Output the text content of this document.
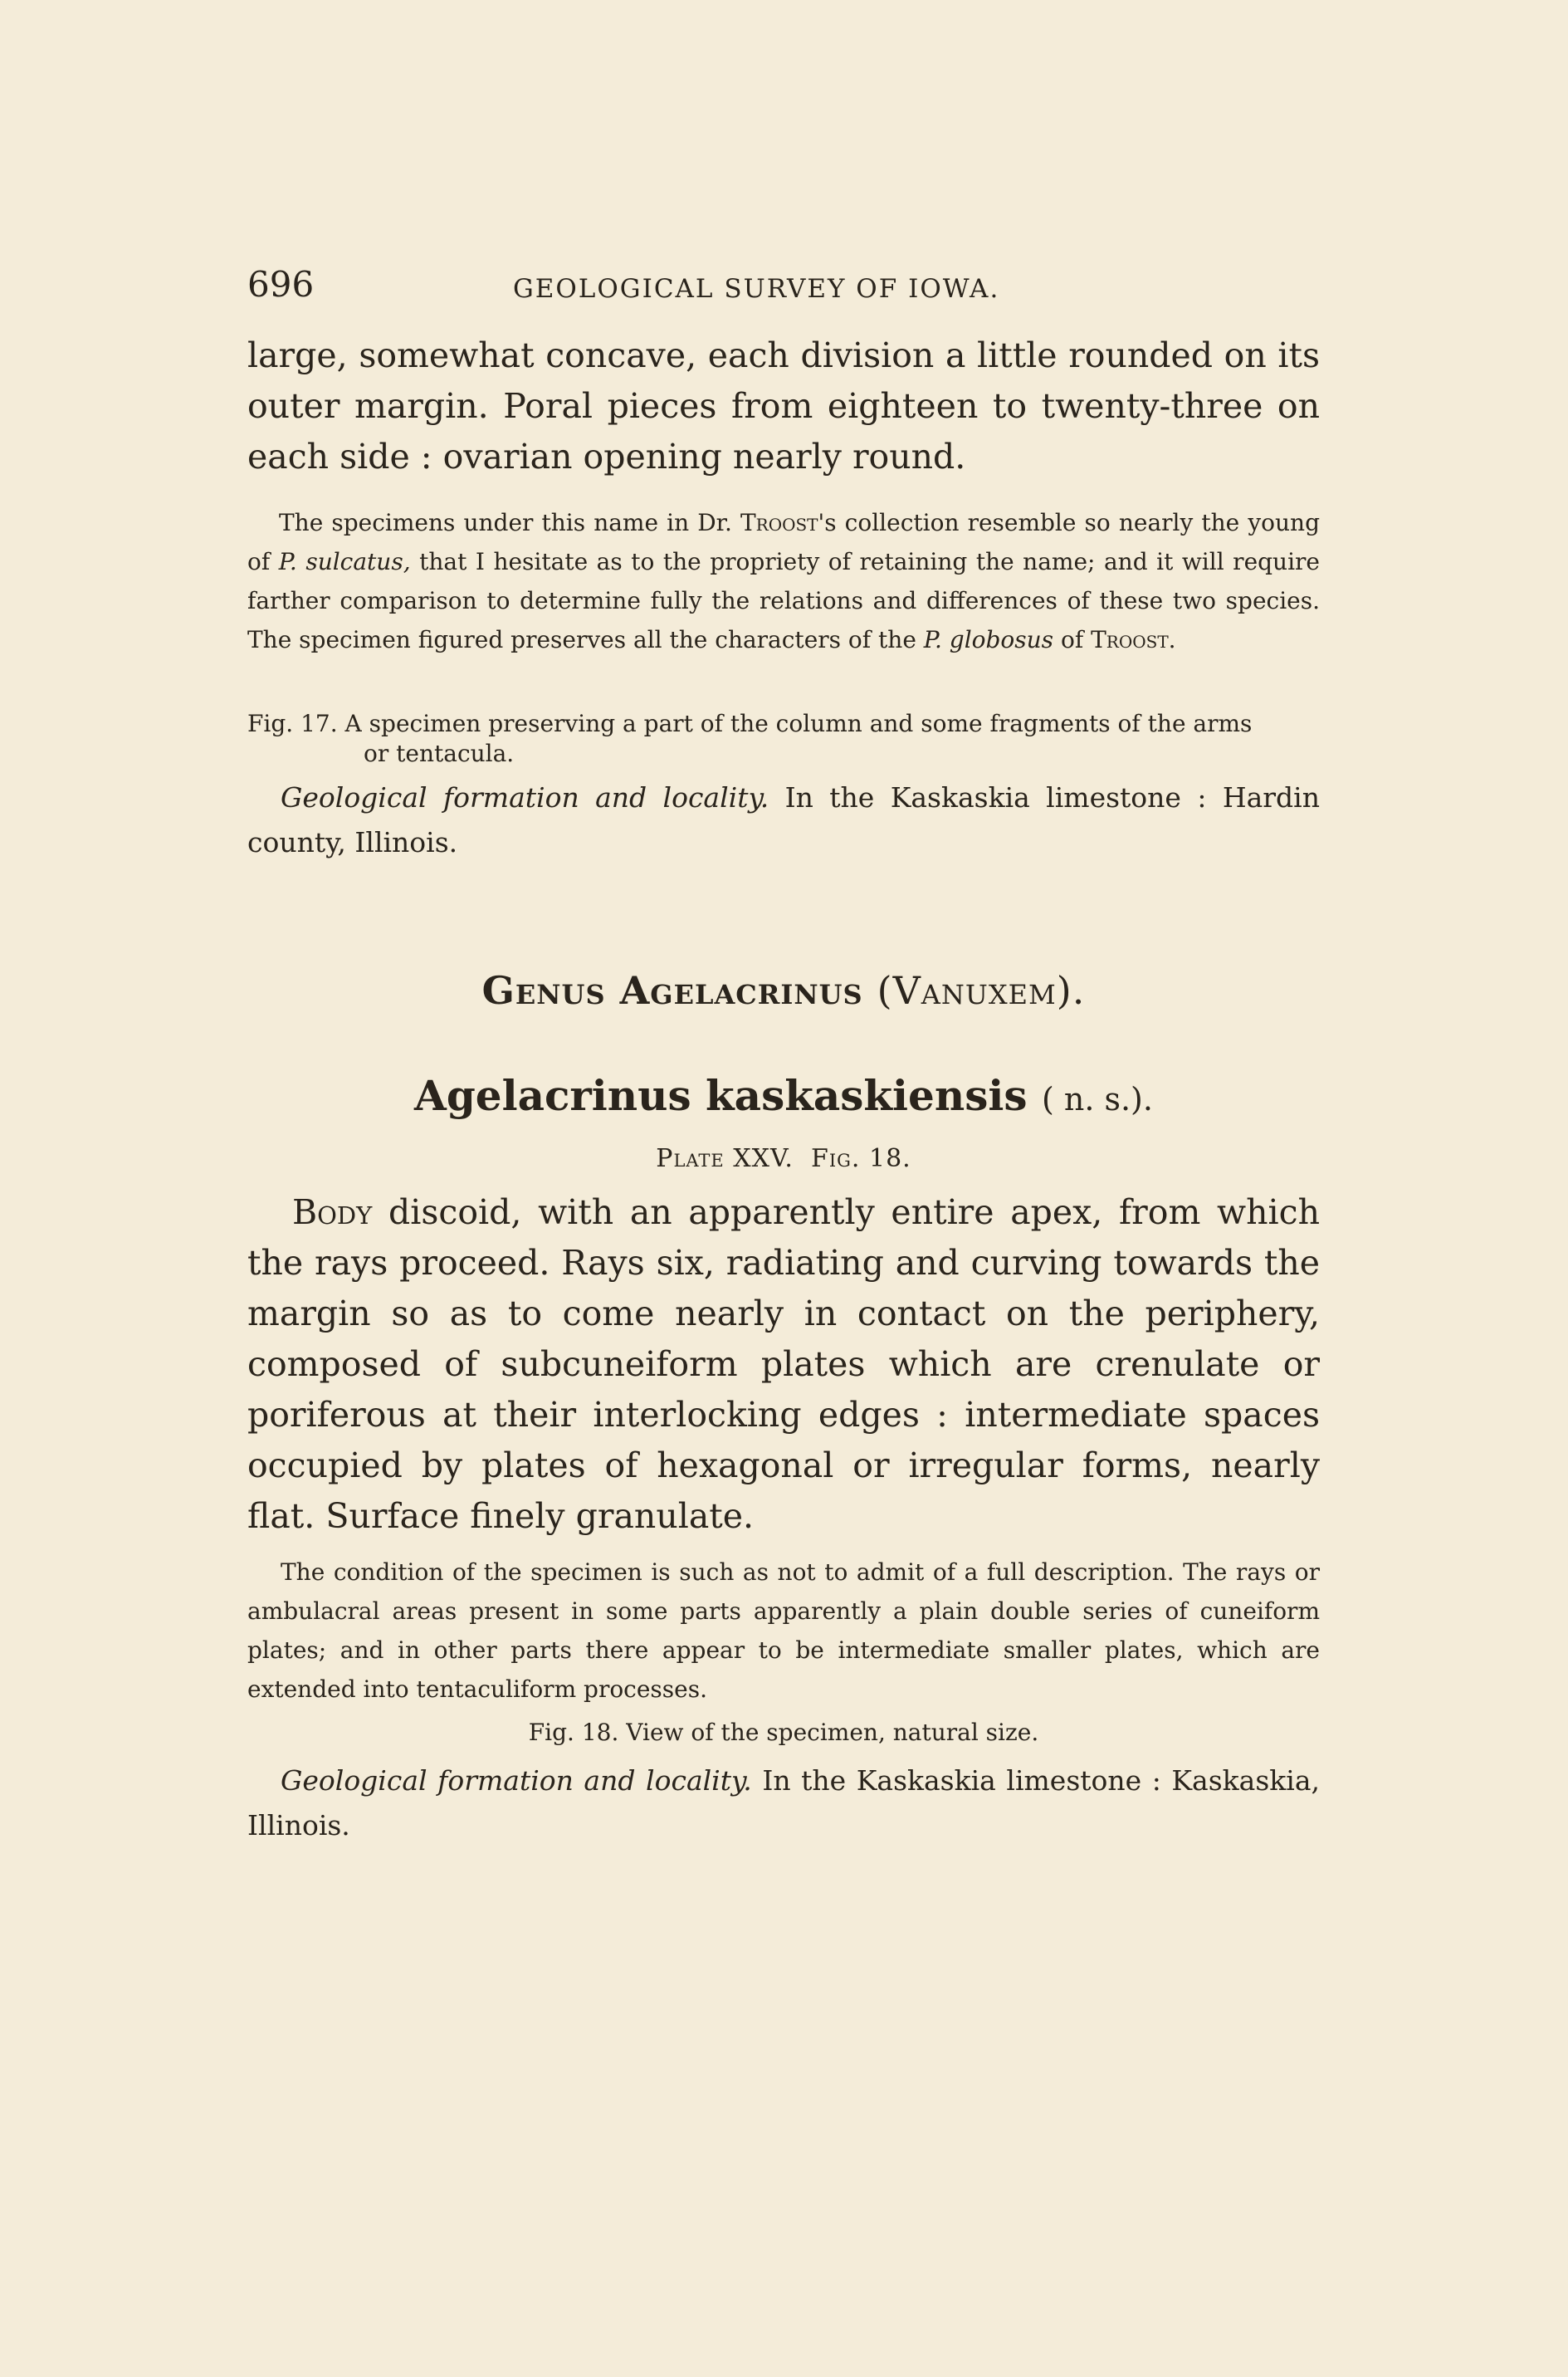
696	GEOLOGICAL SURVEY OF IOWA.

large, somewhat concave, each division a little rounded on its outer margin. Poral pieces from eighteen to twenty-three on each side : ovarian opening nearly round.

The specimens under this name in Dr. Troost's collection resemble so nearly the young of P. sulcatus, that I hesitate as to the propriety of retaining the name; and it will require farther comparison to determine fully the relations and differences of these two species. The specimen figured preserves all the characters of the P. globosus of Troost.

Fig. 17. A specimen preserving a part of the column and some fragments of the arms
or tentacula.

Geological formation and locality. In the Kaskaskia limestone : Hardin county, Illinois.

Genus Agelacrinus (Vanuxem).
Agelacrinus kaskaskiensis ( n. s.).
Plate XXV. Fig. 18.

Body discoid, with an apparently entire apex, from which the rays proceed. Rays six, radiating and curving towards the margin so as to come nearly in contact on the periphery, composed of subcuneiform plates which are crenulate or poriferous at their interlocking edges : intermediate spaces occupied by plates of hexagonal or irregular forms, nearly flat. Surface finely granulate.

The condition of the specimen is such as not to admit of a full description. The rays or ambulacral areas present in some parts apparently a plain double series of cuneiform plates; and in other parts there appear to be intermediate smaller plates, which are extended into tentaculiform processes.

Fig. 18. View of the specimen, natural size.

Geological formation and locality. In the Kaskaskia limestone : Kaskaskia, Illinois.
